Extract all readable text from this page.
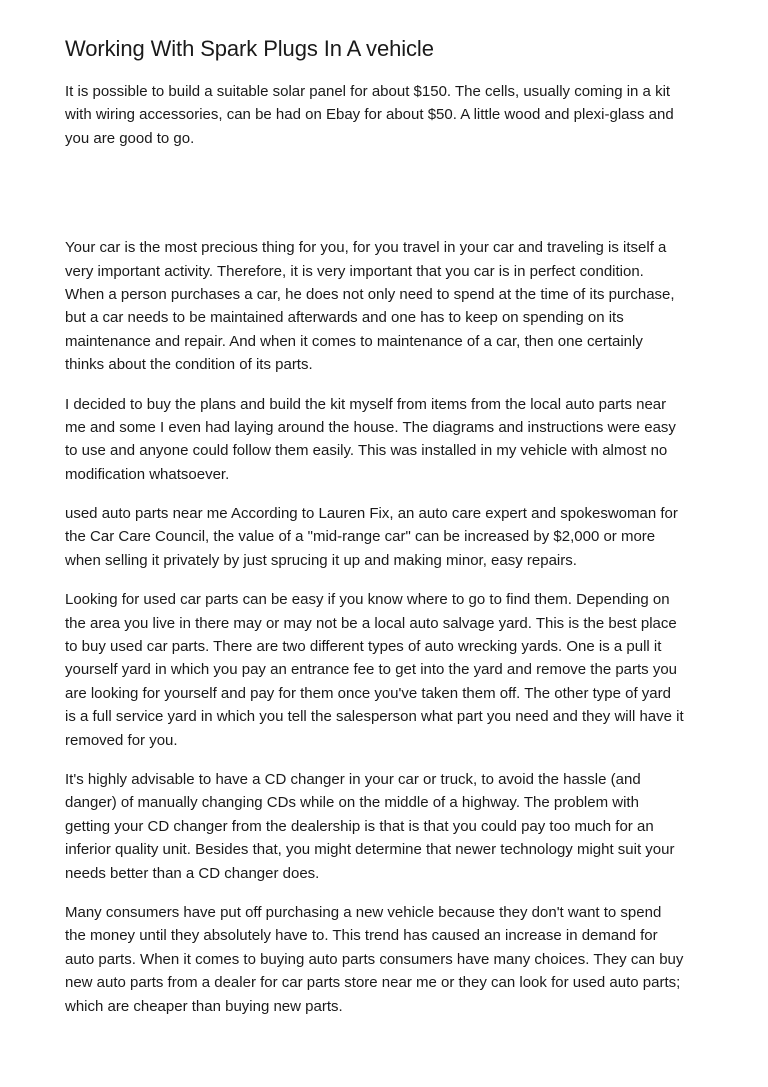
Working With Spark Plugs In A vehicle
It is possible to build a suitable solar panel for about $150. The cells, usually coming in a kit
with wiring accessories, can be had on Ebay for about $50. A little wood and plexi-glass and
you are good to go.
Your car is the most precious thing for you, for you travel in your car and traveling is itself a
very important activity. Therefore, it is very important that you car is in perfect condition.
When a person purchases a car, he does not only need to spend at the time of its purchase,
but a car needs to be maintained afterwards and one has to keep on spending on its
maintenance and repair. And when it comes to maintenance of a car, then one certainly
thinks about the condition of its parts.
I decided to buy the plans and build the kit myself from items from the local auto parts near
me and some I even had laying around the house. The diagrams and instructions were easy
to use and anyone could follow them easily. This was installed in my vehicle with almost no
modification whatsoever.
used auto parts near me According to Lauren Fix, an auto care expert and spokeswoman for
the Car Care Council, the value of a "mid-range car" can be increased by $2,000 or more
when selling it privately by just sprucing it up and making minor, easy repairs.
Looking for used car parts can be easy if you know where to go to find them. Depending on
the area you live in there may or may not be a local auto salvage yard. This is the best place
to buy used car parts. There are two different types of auto wrecking yards. One is a pull it
yourself yard in which you pay an entrance fee to get into the yard and remove the parts you
are looking for yourself and pay for them once you've taken them off. The other type of yard
is a full service yard in which you tell the salesperson what part you need and they will have it
removed for you.
It's highly advisable to have a CD changer in your car or truck, to avoid the hassle (and
danger) of manually changing CDs while on the middle of a highway. The problem with
getting your CD changer from the dealership is that is that you could pay too much for an
inferior quality unit. Besides that, you might determine that newer technology might suit your
needs better than a CD changer does.
Many consumers have put off purchasing a new vehicle because they don't want to spend
the money until they absolutely have to. This trend has caused an increase in demand for
auto parts. When it comes to buying auto parts consumers have many choices. They can buy
new auto parts from a dealer for car parts store near me or they can look for used auto parts;
which are cheaper than buying new parts.
